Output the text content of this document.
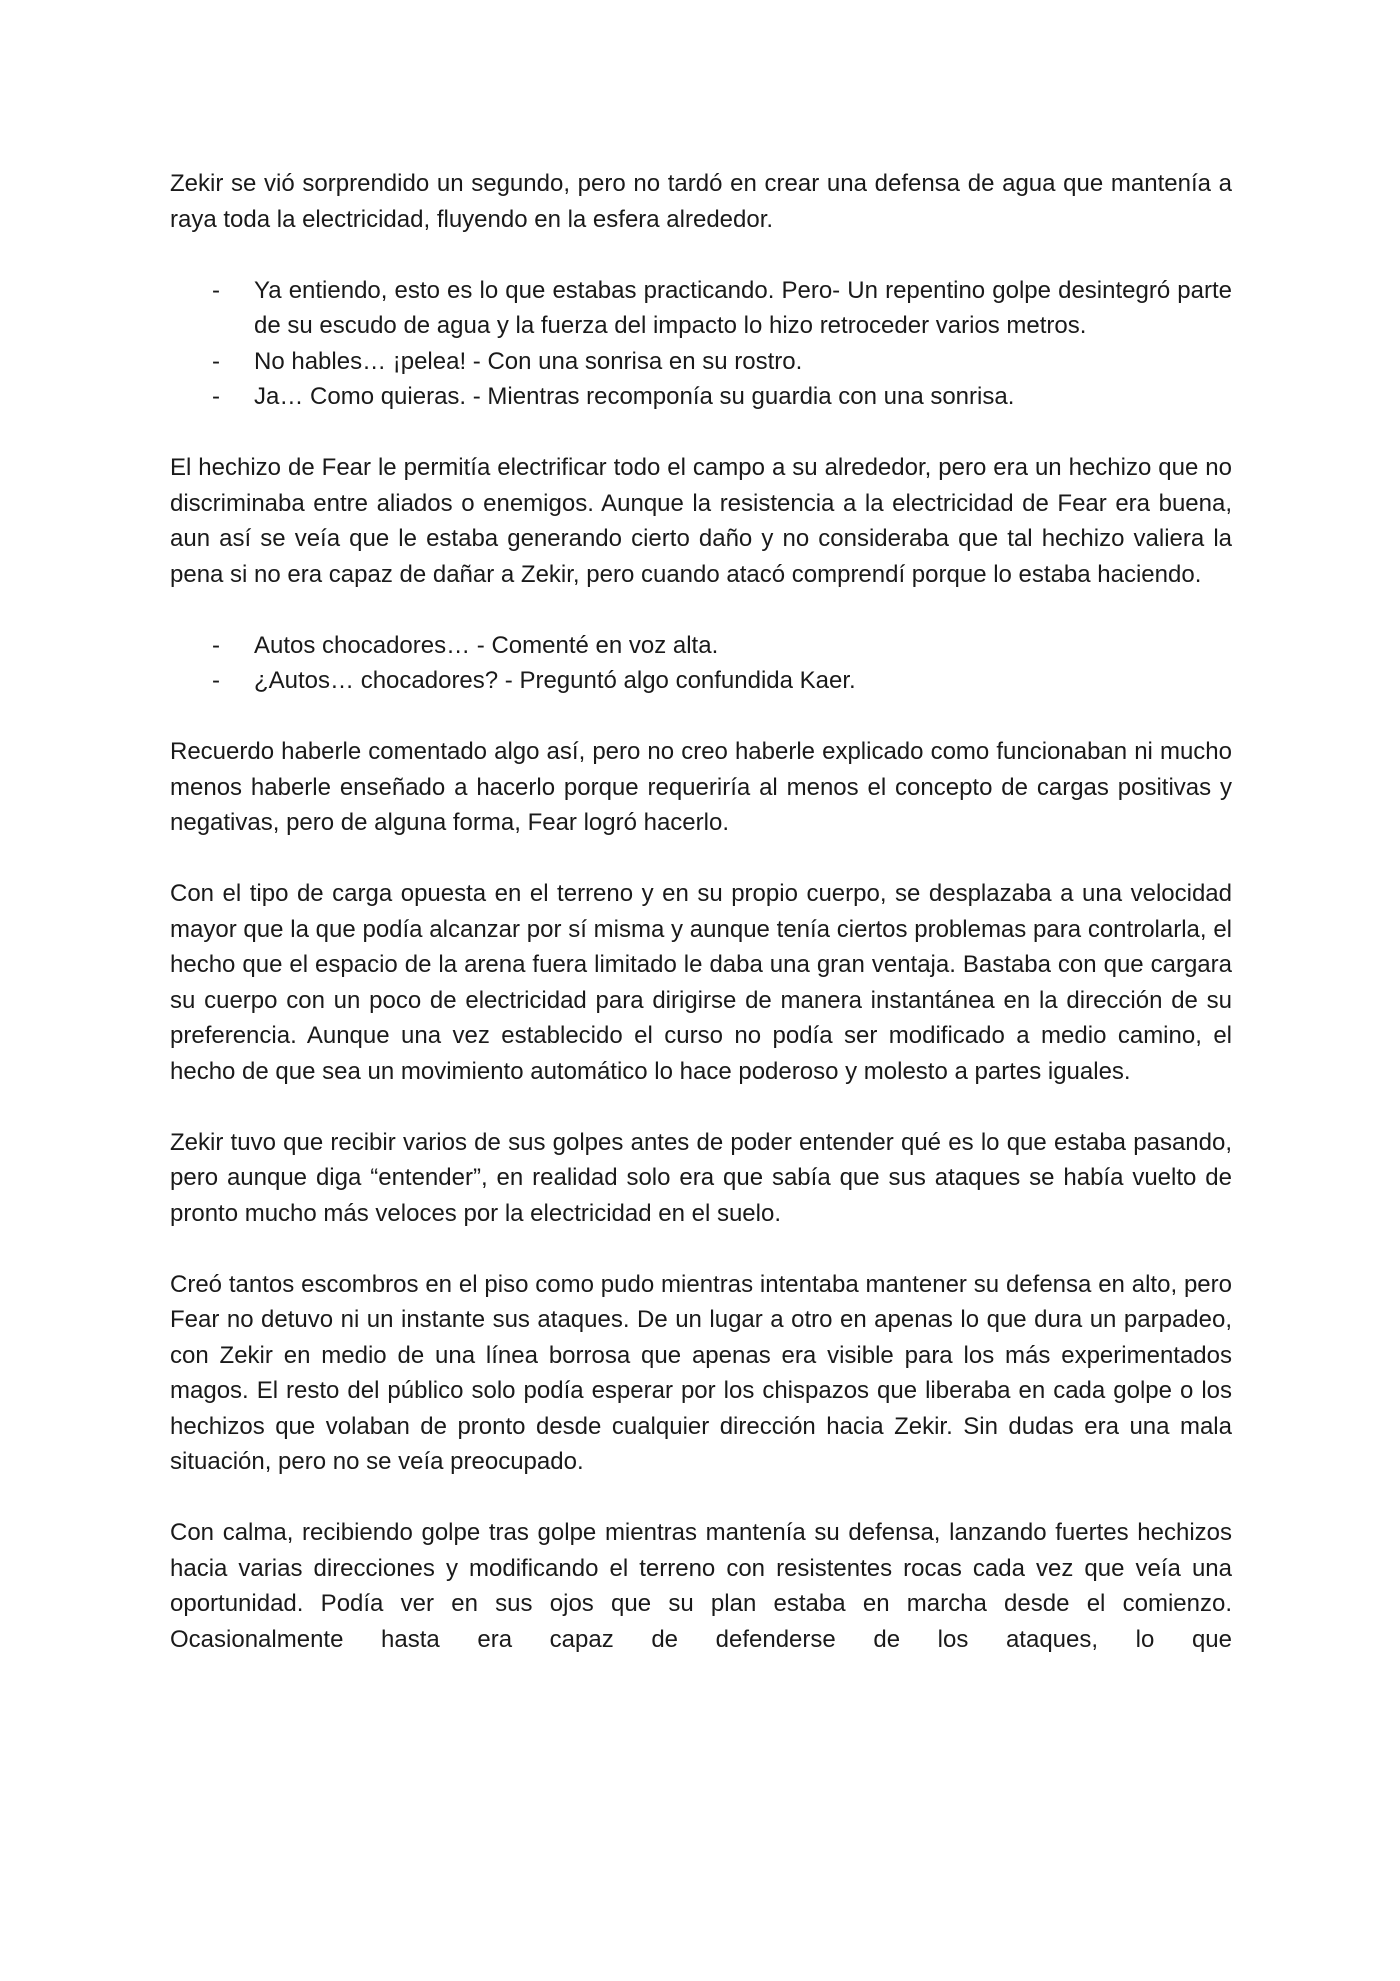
Zekir se vió sorprendido un segundo, pero no tardó en crear una defensa de agua que mantenía a raya toda la electricidad, fluyendo en la esfera alrededor.

- Ya entiendo, esto es lo que estabas practicando. Pero- Un repentino golpe desintegró parte de su escudo de agua y la fuerza del impacto lo hizo retroceder varios metros.
- No hables… ¡pelea! - Con una sonrisa en su rostro.
- Ja… Como quieras. - Mientras recomponía su guardia con una sonrisa.

El hechizo de Fear le permitía electrificar todo el campo a su alrededor, pero era un hechizo que no discriminaba entre aliados o enemigos. Aunque la resistencia a la electricidad de Fear era buena, aun así se veía que le estaba generando cierto daño y no consideraba que tal hechizo valiera la pena si no era capaz de dañar a Zekir, pero cuando atacó comprendí porque lo estaba haciendo.

- Autos chocadores… - Comenté en voz alta.
- ¿Autos… chocadores? - Preguntó algo confundida Kaer.

Recuerdo haberle comentado algo así, pero no creo haberle explicado como funcionaban ni mucho menos haberle enseñado a hacerlo porque requeriría al menos el concepto de cargas positivas y negativas, pero de alguna forma, Fear logró hacerlo.

Con el tipo de carga opuesta en el terreno y en su propio cuerpo, se desplazaba a una velocidad mayor que la que podía alcanzar por sí misma y aunque tenía ciertos problemas para controlarla, el hecho que el espacio de la arena fuera limitado le daba una gran ventaja. Bastaba con que cargara su cuerpo con un poco de electricidad para dirigirse de manera instantánea en la dirección de su preferencia. Aunque una vez establecido el curso no podía ser modificado a medio camino, el hecho de que sea un movimiento automático lo hace poderoso y molesto a partes iguales.

Zekir tuvo que recibir varios de sus golpes antes de poder entender qué es lo que estaba pasando, pero aunque diga “entender”, en realidad solo era que sabía que sus ataques se había vuelto de pronto mucho más veloces por la electricidad en el suelo.

Creó tantos escombros en el piso como pudo mientras intentaba mantener su defensa en alto, pero Fear no detuvo ni un instante sus ataques. De un lugar a otro en apenas lo que dura un parpadeo, con Zekir en medio de una línea borrosa que apenas era visible para los más experimentados magos. El resto del público solo podía esperar por los chispazos que liberaba en cada golpe o los hechizos que volaban de pronto desde cualquier dirección hacia Zekir. Sin dudas era una mala situación, pero no se veía preocupado.

Con calma, recibiendo golpe tras golpe mientras mantenía su defensa, lanzando fuertes hechizos hacia varias direcciones y modificando el terreno con resistentes rocas cada vez que veía una oportunidad. Podía ver en sus ojos que su plan estaba en marcha desde el comienzo. Ocasionalmente hasta era capaz de defenderse de los ataques, lo que
